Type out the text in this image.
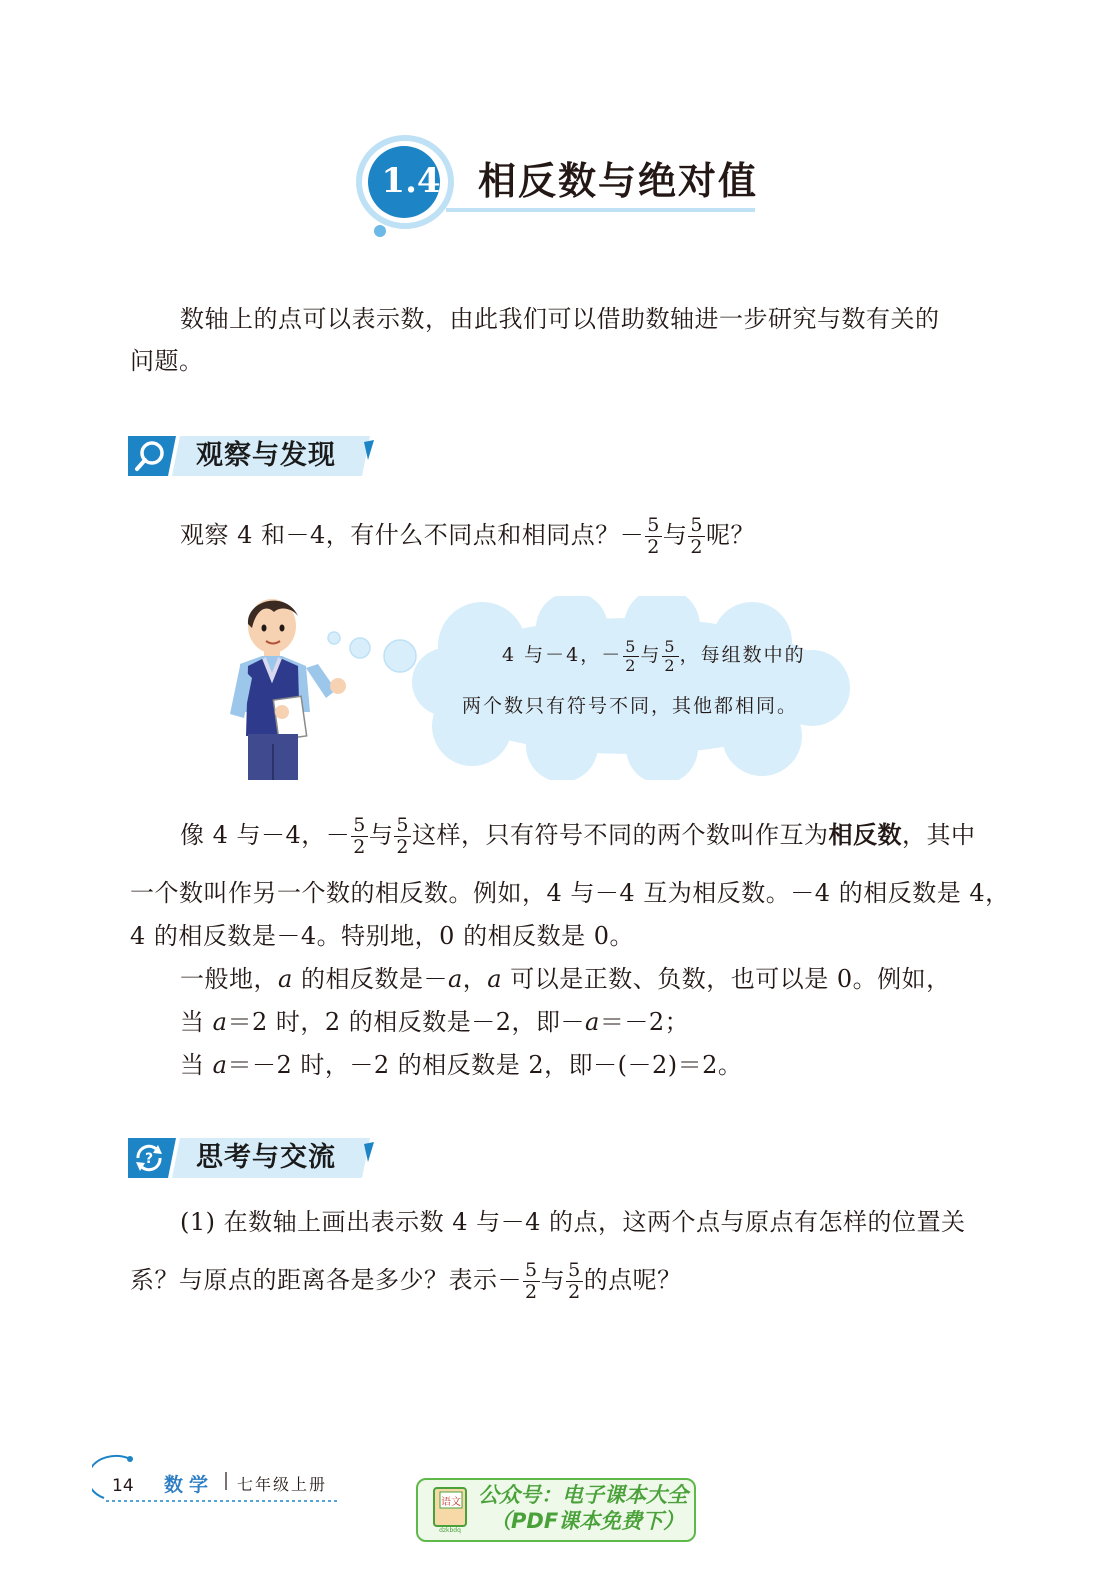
1.4 相反数与绝对值
数轴上的点可以表示数，由此我们可以借助数轴进一步研究与数有关的
问题。
观察与发现
观察 4 和－4，有什么不同点和相同点？－ $\frac{5}{2}$ 与 $\frac{5}{2}$ 呢？
4 与－4，－ $\frac{5}{2}$ 与 $\frac{5}{2}$ ，每组数中的
两个数只有符号不同，其他都相同。
像 4 与－4，－ $\frac{5}{2}$ 与 $\frac{5}{2}$ 这样，只有符号不同的两个数叫作互为相反数，其中
一个数叫作另一个数的相反数。例如，4 与－4 互为相反数。－4 的相反数是 4，
4 的相反数是－4。特别地，0 的相反数是 0。
一般地，a 的相反数是－a，a 可以是正数、负数，也可以是 0。例如，
当 a＝2 时，2 的相反数是－2，即－a＝－2；
当 a＝－2 时，－2 的相反数是 2，即－(－2)＝2。
? 思考与交流
(1) 在数轴上画出表示数 4 与－4 的点，这两个点与原点有怎样的位置关
系？与原点的距离各是多少？表示－ $\frac{5}{2}$ 与 $\frac{5}{2}$ 的点呢？
14 数学 七年级上册
语文
dzkbdq
公众号：电子课本大全
（PDF课本免费下）
